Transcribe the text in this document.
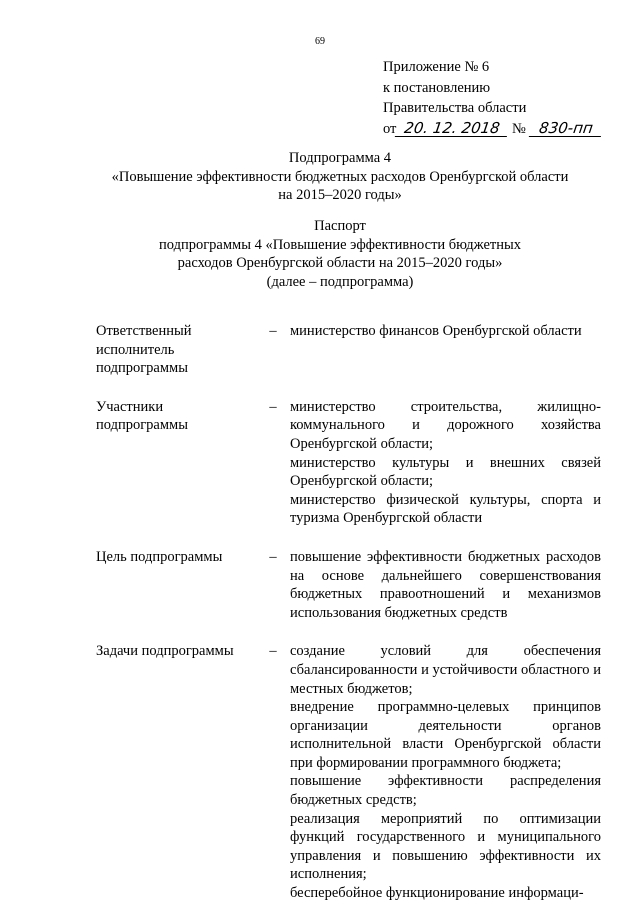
69
Приложение № 6
к постановлению
Правительства области
от 20. 12. 2018 № 830-пп
Подпрограмма 4
«Повышение эффективности бюджетных расходов Оренбургской области
на 2015–2020 годы»
Паспорт
подпрограммы 4 «Повышение эффективности бюджетных
расходов Оренбургской области на 2015–2020 годы»
(далее – подпрограмма)
Ответственный исполнитель подпрограммы
– министерство финансов Оренбургской области

Участники подпрограммы
– министерство строительства, жилищно-коммунального и дорожного хозяйства Оренбургской области;

министерство культуры и внешних связей Оренбургской области;

министерство физической культуры, спорта и туризма Оренбургской области

Цель подпрограммы	– повышение эффективности бюджетных расходов на основе дальнейшего совершенствования бюджетных правоотношений и механизмов использования бюджетных средств

Задачи подпрограммы	– создание условий для обеспечения сбалансированности и устойчивости областного и местных бюджетов;

внедрение программно-целевых принципов организации деятельности органов исполнительной власти Оренбургской области при формировании программного бюджета;

повышение эффективности распределения бюджетных средств;

реализация мероприятий по оптимизации функций государственного и муниципального управления и повышению эффективности их исполнения;

бесперебойное функционирование информаци-
